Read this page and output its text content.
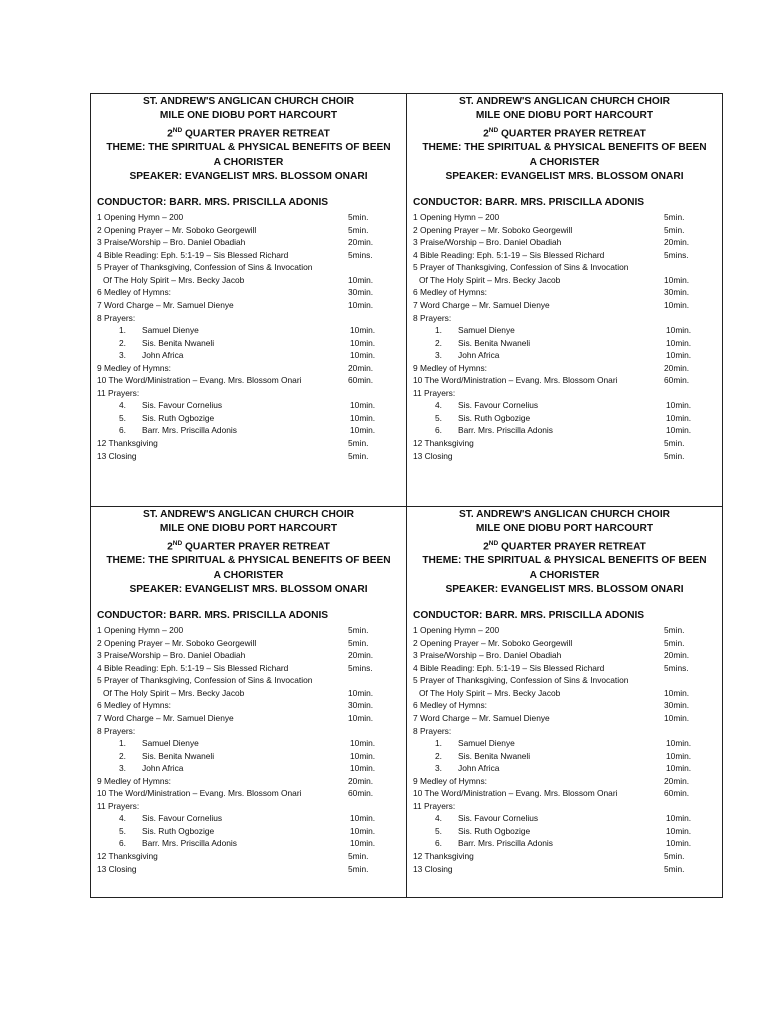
ST. ANDREW'S ANGLICAN CHURCH CHOIR
MILE ONE DIOBU PORT HARCOURT
2ND QUARTER PRAYER RETREAT
THEME: THE SPIRITUAL & PHYSICAL BENEFITS OF BEEN A CHORISTER
SPEAKER: EVANGELIST MRS. BLOSSOM ONARI
CONDUCTOR: BARR. MRS. PRISCILLA ADONIS
1 Opening Hymn – 200	5min.
2 Opening Prayer – Mr. Soboko Georgewill	5min.
3 Praise/Worship – Bro. Daniel Obadiah	20min.
4 Bible Reading: Eph. 5:1-19 – Sis Blessed Richard	5mins.
5 Prayer of Thanksgiving, Confession of Sins & Invocation
Of The Holy Spirit – Mrs. Becky Jacob	10min.
6 Medley of Hymns:	30min.
7 Word Charge – Mr. Samuel Dienye	10min.
8 Prayers:
1. Samuel Dienye	10min.
2. Sis. Benita Nwaneli	10min.
3. John Africa	10min.
9 Medley of Hymns:	20min.
10 The Word/Ministration – Evang. Mrs. Blossom Onari	60min.
11 Prayers:
4. Sis. Favour Cornelius	10min.
5. Sis. Ruth Ogbozige	10min.
6. Barr. Mrs. Priscilla Adonis	10min.
12 Thanksgiving	5min.
13 Closing	5min.
ST. ANDREW'S ANGLICAN CHURCH CHOIR
MILE ONE DIOBU PORT HARCOURT
2ND QUARTER PRAYER RETREAT
THEME: THE SPIRITUAL & PHYSICAL BENEFITS OF BEEN A CHORISTER
SPEAKER: EVANGELIST MRS. BLOSSOM ONARI
CONDUCTOR: BARR. MRS. PRISCILLA ADONIS
1 Opening Hymn – 200	5min.
2 Opening Prayer – Mr. Soboko Georgewill	5min.
3 Praise/Worship – Bro. Daniel Obadiah	20min.
4 Bible Reading: Eph. 5:1-19 – Sis Blessed Richard	5mins.
5 Prayer of Thanksgiving, Confession of Sins & Invocation
Of The Holy Spirit – Mrs. Becky Jacob	10min.
6 Medley of Hymns:	30min.
7 Word Charge – Mr. Samuel Dienye	10min.
8 Prayers:
1. Samuel Dienye	10min.
2. Sis. Benita Nwaneli	10min.
3. John Africa	10min.
9 Medley of Hymns:	20min.
10 The Word/Ministration – Evang. Mrs. Blossom Onari	60min.
11 Prayers:
4. Sis. Favour Cornelius	10min.
5. Sis. Ruth Ogbozige	10min.
6. Barr. Mrs. Priscilla Adonis	10min.
12 Thanksgiving	5min.
13 Closing	5min.
ST. ANDREW'S ANGLICAN CHURCH CHOIR
MILE ONE DIOBU PORT HARCOURT
2ND QUARTER PRAYER RETREAT
THEME: THE SPIRITUAL & PHYSICAL BENEFITS OF BEEN A CHORISTER
SPEAKER: EVANGELIST MRS. BLOSSOM ONARI
CONDUCTOR: BARR. MRS. PRISCILLA ADONIS
1 Opening Hymn – 200	5min.
2 Opening Prayer – Mr. Soboko Georgewill	5min.
3 Praise/Worship – Bro. Daniel Obadiah	20min.
4 Bible Reading: Eph. 5:1-19 – Sis Blessed Richard	5mins.
5 Prayer of Thanksgiving, Confession of Sins & Invocation
Of The Holy Spirit – Mrs. Becky Jacob	10min.
6 Medley of Hymns:	30min.
7 Word Charge – Mr. Samuel Dienye	10min.
8 Prayers:
1. Samuel Dienye	10min.
2. Sis. Benita Nwaneli	10min.
3. John Africa	10min.
9 Medley of Hymns:	20min.
10 The Word/Ministration – Evang. Mrs. Blossom Onari	60min.
11 Prayers:
4. Sis. Favour Cornelius	10min.
5. Sis. Ruth Ogbozige	10min.
6. Barr. Mrs. Priscilla Adonis	10min.
12 Thanksgiving	5min.
13 Closing	5min.
ST. ANDREW'S ANGLICAN CHURCH CHOIR
MILE ONE DIOBU PORT HARCOURT
2ND QUARTER PRAYER RETREAT
THEME: THE SPIRITUAL & PHYSICAL BENEFITS OF BEEN A CHORISTER
SPEAKER: EVANGELIST MRS. BLOSSOM ONARI
CONDUCTOR: BARR. MRS. PRISCILLA ADONIS
1 Opening Hymn – 200	5min.
2 Opening Prayer – Mr. Soboko Georgewill	5min.
3 Praise/Worship – Bro. Daniel Obadiah	20min.
4 Bible Reading: Eph. 5:1-19 – Sis Blessed Richard	5mins.
5 Prayer of Thanksgiving, Confession of Sins & Invocation
Of The Holy Spirit – Mrs. Becky Jacob	10min.
6 Medley of Hymns:	30min.
7 Word Charge – Mr. Samuel Dienye	10min.
8 Prayers:
1. Samuel Dienye	10min.
2. Sis. Benita Nwaneli	10min.
3. John Africa	10min.
9 Medley of Hymns:	20min.
10 The Word/Ministration – Evang. Mrs. Blossom Onari	60min.
11 Prayers:
4. Sis. Favour Cornelius	10min.
5. Sis. Ruth Ogbozige	10min.
6. Barr. Mrs. Priscilla Adonis	10min.
12 Thanksgiving	5min.
13 Closing	5min.
